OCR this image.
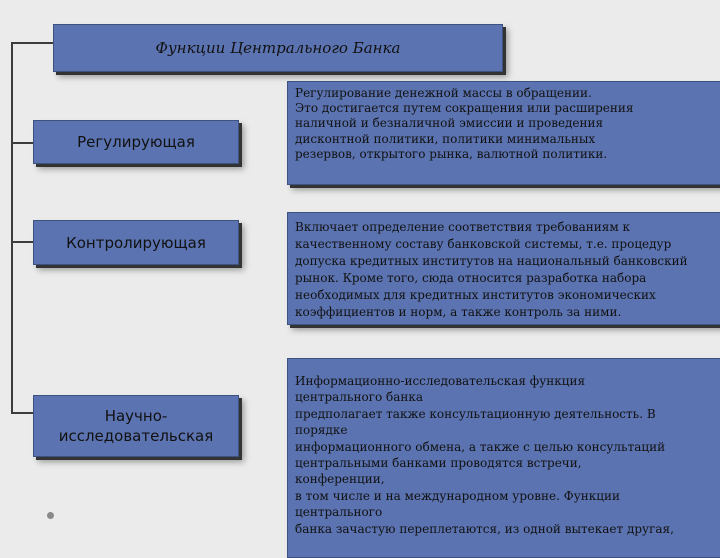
Функции Центрального Банка
Регулирующая
Контролирующая
Научно-
исследовательская
Регулирование денежной массы в обращении.
Это достигается путем сокращения или расширения
наличной и безналичной эмиссии и проведения
дисконтной политики, политики минимальных
резервов, открытого рынка, валютной политики.
Включает определение соответствия требованиям к
качественному составу банковской системы, т.е. процедур
допуска кредитных институтов на национальный банковский
рынок. Кроме того, сюда относится разработка набора
необходимых для кредитных институтов экономических
коэффициентов и норм, а также контроль за ними.
Информационно-исследовательская функция
центрального банка
предполагает также консультационную деятельность. В
порядке
информационного обмена, а также с целью консультаций
центральными банками проводятся встречи,
конференции,
в том числе и на международном уровне. Функции
центрального
банка зачастую переплетаются, из одной вытекает другая,
